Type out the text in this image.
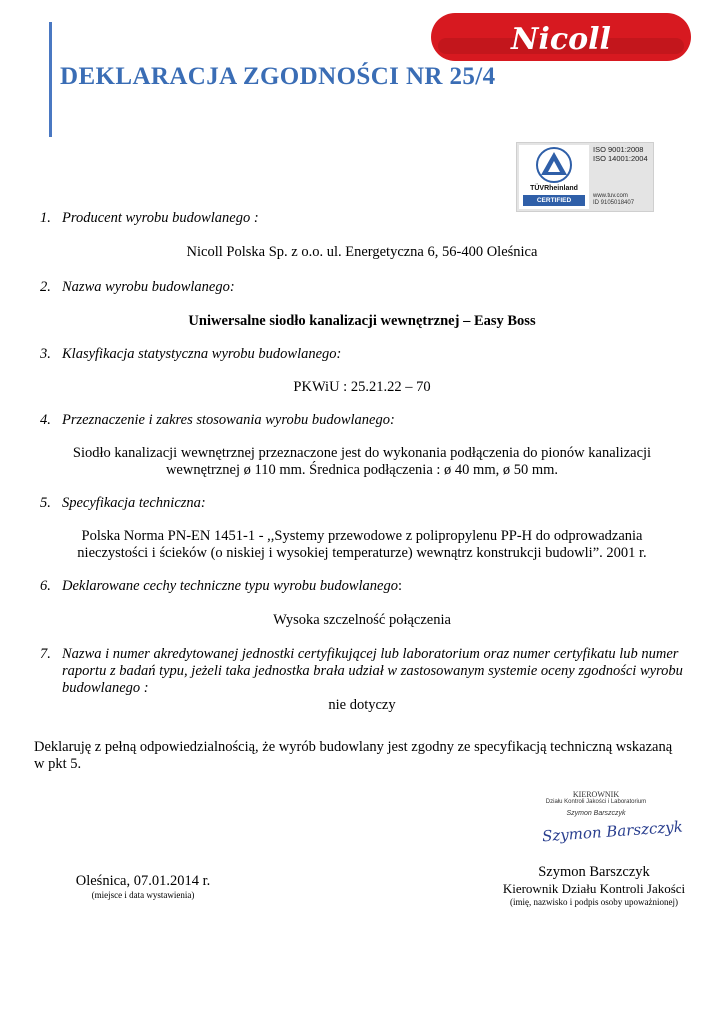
DEKLARACJA ZGODNOŚCI NR 25/4
Nicoll
TÜVRheinland
CERTIFIED
ISO 9001:2008
ISO 14001:2004
www.tuv.com
ID 9105018407
1. Producent wyrobu budowlanego :
Nicoll Polska Sp. z o.o. ul. Energetyczna 6, 56-400 Oleśnica
2. Nazwa wyrobu budowlanego:
Uniwersalne siodło kanalizacji wewnętrznej – Easy Boss
3. Klasyfikacja statystyczna wyrobu budowlanego:
PKWiU : 25.21.22 – 70
4. Przeznaczenie i zakres stosowania wyrobu budowlanego:
Siodło kanalizacji wewnętrznej przeznaczone jest do wykonania podłączenia do pionów kanalizacji
wewnętrznej ø 110 mm. Średnica podłączenia : ø 40 mm, ø 50 mm.
5. Specyfikacja techniczna:
Polska Norma PN-EN 1451-1 - ,,Systemy przewodowe z polipropylenu PP-H do odprowadzania
nieczystości i ścieków (o niskiej i wysokiej temperaturze) wewnątrz konstrukcji budowli”. 2001 r.
6. Deklarowane cechy techniczne typu wyrobu budowlanego:
Wysoka szczelność połączenia
7. Nazwa i numer akredytowanej jednostki certyfikującej lub laboratorium oraz numer certyfikatu lub numer
raportu z badań typu, jeżeli taka jednostka brała udział w zastosowanym systemie oceny zgodności wyrobu
budowlanego :
nie dotyczy
Deklaruję z pełną odpowiedzialnością, że wyrób budowlany jest zgodny ze specyfikacją techniczną wskazaną
w pkt 5.
KIEROWNIK
Działu Kontroli Jakości i Laboratorium
Szymon Barszczyk
Szymon Barszczyk
Oleśnica, 07.01.2014 r.
(miejsce i data wystawienia)
Szymon Barszczyk
Kierownik Działu Kontroli Jakości
(imię, nazwisko i podpis osoby upoważnionej)
